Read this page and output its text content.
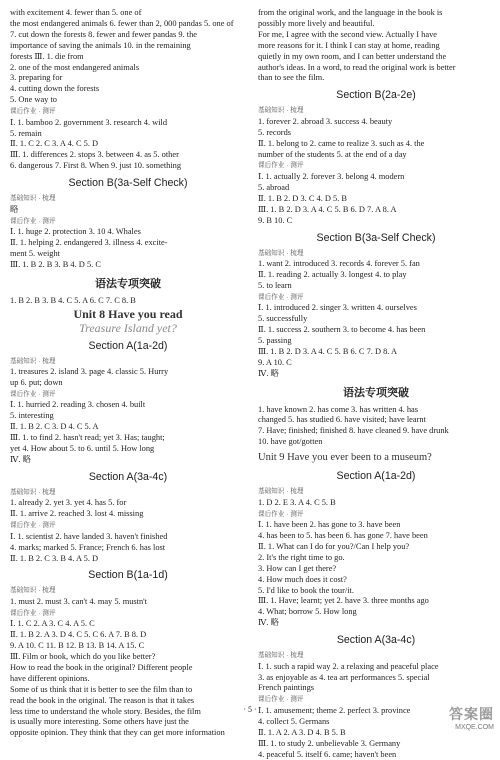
with excitement 4. fewer than 5. one of
the most endangered animals 6. fewer than 2, 000 pandas 5. one of
7. cut down the forests 8. fewer and fewer pandas 9. the
importance of saving the animals 10. in the remaining
forests Ⅲ. 1. die from
2. one of the most endangered animals
3. preparing for
4. cutting down the forests
5. One way to
课后作业 · 测评
Ⅰ. 1. bamboo 2. government 3. research 4. wild
5. remain
Ⅱ. 1. C 2. C 3. A 4. C 5. D
Ⅲ. 1. differences 2. stops 3. between 4. as 5. other
6. dangerous 7. First 8. When 9. just 10. something
Section B(3a-Self Check)
基础知识 · 梳理
略
课后作业 · 测评
Ⅰ. 1. huge 2. protection 3. 10 4. Whales
Ⅱ. 1. helping 2. endangered 3. illness 4. excite-
ment 5. weight
Ⅲ. 1. B 2. B 3. B 4. D 5. C
语法专项突破
1. B 2. B 3. B 4. C 5. A 6. C 7. C 8. B
Unit 8 Have you read
Treasure Island yet?
Section A(1a-2d)
基础知识 · 梳理
1. treasures 2. island 3. page 4. classic 5. Hurry
up 6. put; down
课后作业 · 测评
Ⅰ. 1. hurried 2. reading 3. chosen 4. built
5. interesting
Ⅱ. 1. B 2. C 3. D 4. C 5. A
Ⅲ. 1. to find 2. hasn't read; yet 3. Has; taught;
yet 4. How about 5. to 6. until 5. How long
Ⅳ. 略
Section A(3a-4c)
基础知识 · 梳理
1. already 2. yet 3. yet 4. has 5. for
Ⅱ. 1. arrive 2. reached 3. lost 4. missing
课后作业 · 测评
Ⅰ. 1. scientist 2. have landed 3. haven't finished
4. marks; marked 5. France; French 6. has lost
Ⅱ. 1. B 2. C 3. B 4. A 5. D
Section B(1a-1d)
基础知识 · 梳理
1. must 2. must 3. can't 4. may 5. mustn't
课后作业 · 测评
Ⅰ. 1. C 2. A 3. C 4. A 5. C
Ⅱ. 1. B 2. A 3. D 4. C 5. C 6. A 7. B 8. D
9. A 10. C 11. B 12. B 13. B 14. A 15. C
Ⅲ. Film or book, which do you like better?
How to read the book in the original? Different people
have different opinions.
Some of us think that it is better to see the film than to
read the book in the original. The reason is that it takes
less time to understand the whole story. Besides, the film
is usually more interesting. Some others have just the
opposite opinion. They think that they can get more information
from the original work, and the language in the book is
possibly more lively and beautiful.
For me, I agree with the second view. Actually I have
more reasons for it. I think I can stay at home, reading
quietly in my own room, and I can better understand the
author's ideas. In a word, to read the original work is better
than to see the film.
Section B(2a-2e)
基础知识 · 梳理
1. forever 2. abroad 3. success 4. beauty
5. records
Ⅱ. 1. belong to 2. came to realize 3. such as 4. the
number of the students 5. at the end of a day
课后作业 · 测评
Ⅰ. 1. actually 2. forever 3. belong 4. modern
5. abroad
Ⅱ. 1. B 2. D 3. C 4. D 5. B
Ⅲ. 1. B 2. D 3. A 4. C 5. B 6. D 7. A 8. A
9. B 10. C
Section B(3a-Self Check)
基础知识 · 梳理
1. want 2. introduced 3. records 4. forever 5. fan
Ⅱ. 1. reading 2. actually 3. longest 4. to play
5. to learn
课后作业 · 测评
Ⅰ. 1. introduced 2. singer 3. written 4. ourselves
5. successfully
Ⅱ. 1. success 2. southern 3. to become 4. has been
5. passing
Ⅲ. 1. B 2. D 3. A 4. C 5. B 6. C 7. D 8. A
9. A 10. C
Ⅳ. 略
语法专项突破
1. have known 2. has come 3. has written 4. has
changed 5. has studied 6. have visited; have learnt
7. Have; finished; finished 8. have cleaned 9. have drunk
10. have got/gotten
Unit 9 Have you ever been to a museum?
Section A(1a-2d)
基础知识 · 梳理
1. D 2. E 3. A 4. C 5. B
课后作业 · 测评
Ⅰ. 1. have been 2. has gone to 3. have been
4. has been to 5. has been 6. has gone 7. have been
Ⅱ. 1. What can I do for you?/Can I help you?
2. It's the right time to go.
3. How can I get there?
4. How much does it cost?
5. I'd like to book the tour/it.
Ⅲ. 1. Have; learnt; yet 2. have 3. three months ago
4. What; borrow 5. How long
Ⅳ. 略
Section A(3a-4c)
基础知识 · 梳理
Ⅰ. 1. such a rapid way 2. a relaxing and peaceful place
3. as enjoyable as 4. tea art performances 5. special
French paintings
课后作业 · 测评
Ⅰ. 1. amusement; theme 2. perfect 3. province
4. collect 5. Germans
Ⅱ. 1. A 2. A 3. D 4. B 5. B
Ⅲ. 1. to study 2. unbelievable 3. Germany
4. peaceful 5. itself 6. came; haven't been
· 5 ·	答案圈
MXQE.COM
